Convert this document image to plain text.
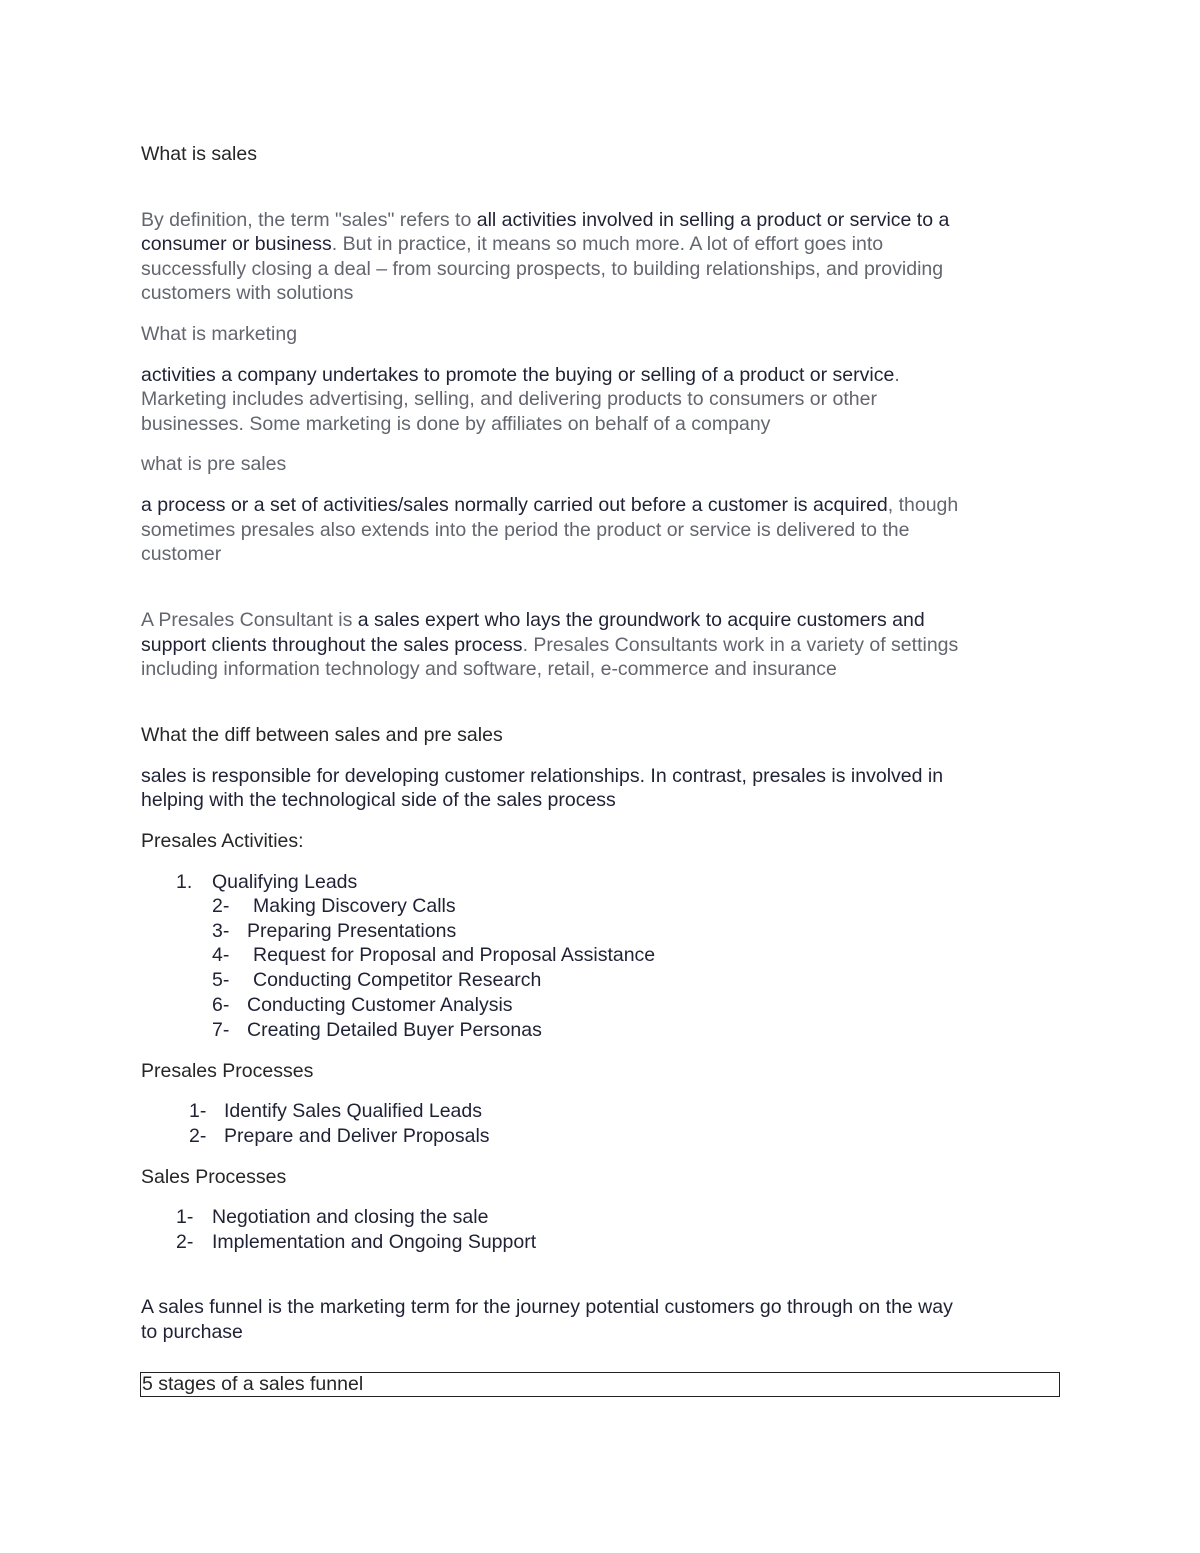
What is sales

By definition, the term "sales" refers to all activities involved in selling a product or service to a

consumer or business. But in practice, it means so much more. A lot of effort goes into

successfully closing a deal – from sourcing prospects, to building relationships, and providing

customers with solutions

What is marketing

activities a company undertakes to promote the buying or selling of a product or service.

Marketing includes advertising, selling, and delivering products to consumers or other

businesses. Some marketing is done by affiliates on behalf of a company

what is pre sales

a process or a set of activities/sales normally carried out before a customer is acquired, though

sometimes presales also extends into the period the product or service is delivered to the

customer

A Presales Consultant is a sales expert who lays the groundwork to acquire customers and

support clients throughout the sales process. Presales Consultants work in a variety of settings

including information technology and software, retail, e-commerce and insurance

What the diff between sales and pre sales

sales is responsible for developing customer relationships. In contrast, presales is involved in

helping with the technological side of the sales process

Presales Activities:

1. Qualifying Leads

2- Making Discovery Calls

3- Preparing Presentations

4- Request for Proposal and Proposal Assistance

5- Conducting Competitor Research

6- Conducting Customer Analysis

7- Creating Detailed Buyer Personas

Presales Processes

1- Identify Sales Qualified Leads

2- Prepare and Deliver Proposals

Sales Processes

1- Negotiation and closing the sale

2- Implementation and Ongoing Support

A sales funnel is the marketing term for the journey potential customers go through on the way

to purchase

5 stages of a sales funnel
